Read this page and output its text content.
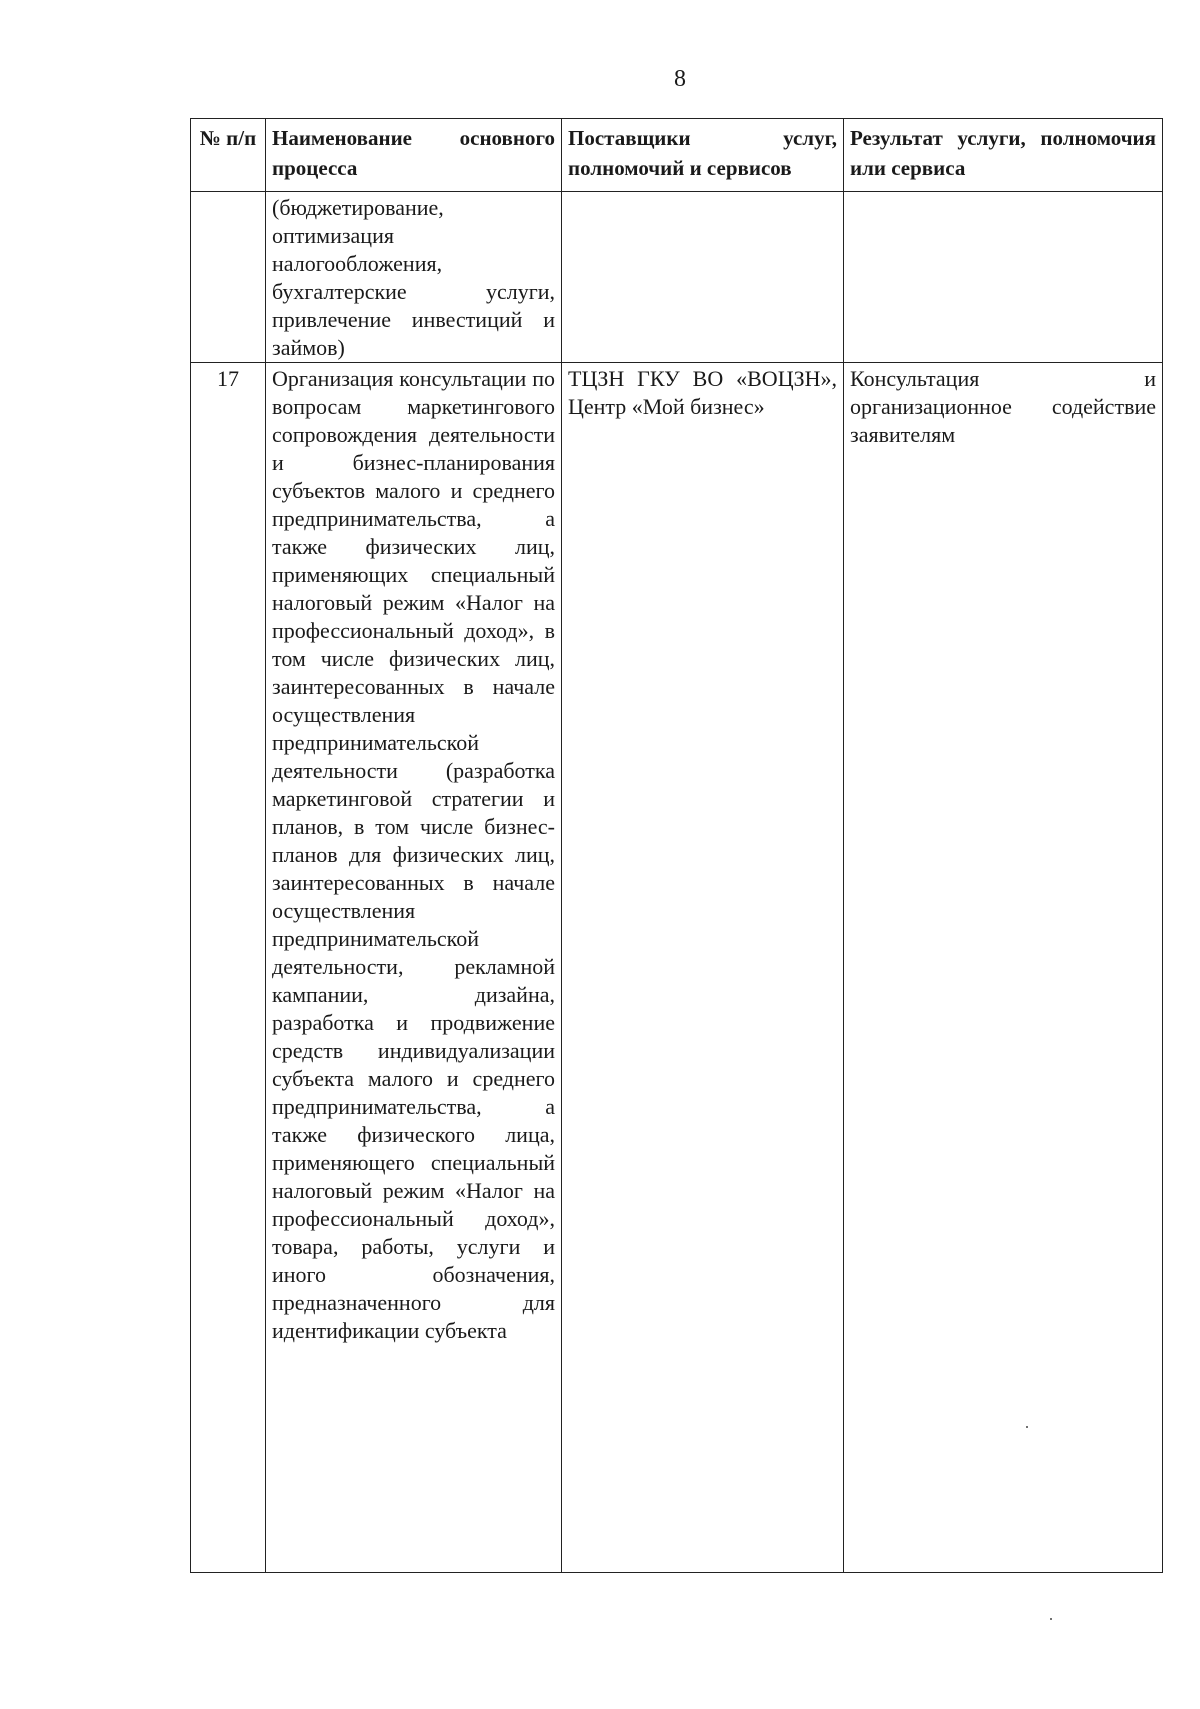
8
№ п/п	Наименование основного процесса	Поставщики услуг, полномочий и сервисов	Результат услуги, полномочия или сервиса
	(бюджетирование, оптимизация налогообложения, бухгалтерские услуги, привлечение инвестиций и займов)		
17	Организация консультации по вопросам маркетингового сопровождения деятельности и бизнес-планирования субъектов малого и среднего предпринимательства, а также физических лиц, применяющих специальный налоговый режим «Налог на профессиональный доход», в том числе физических лиц, заинтересованных в начале осуществления предпринимательской деятельности (разработка маркетинговой стратегии и планов, в том числе бизнес-планов для физических лиц, заинтересованных в начале осуществления предпринимательской деятельности, рекламной кампании, дизайна, разработка и продвижение средств индивидуализации субъекта малого и среднего предпринимательства, а также физического лица, применяющего специальный налоговый режим «Налог на профессиональный доход», товара, работы, услуги и иного обозначения, предназначенного для идентификации субъекта	ТЦЗН ГКУ ВО «ВОЦЗН», Центр «Мой бизнес»	Консультация и организационное содействие заявителям
